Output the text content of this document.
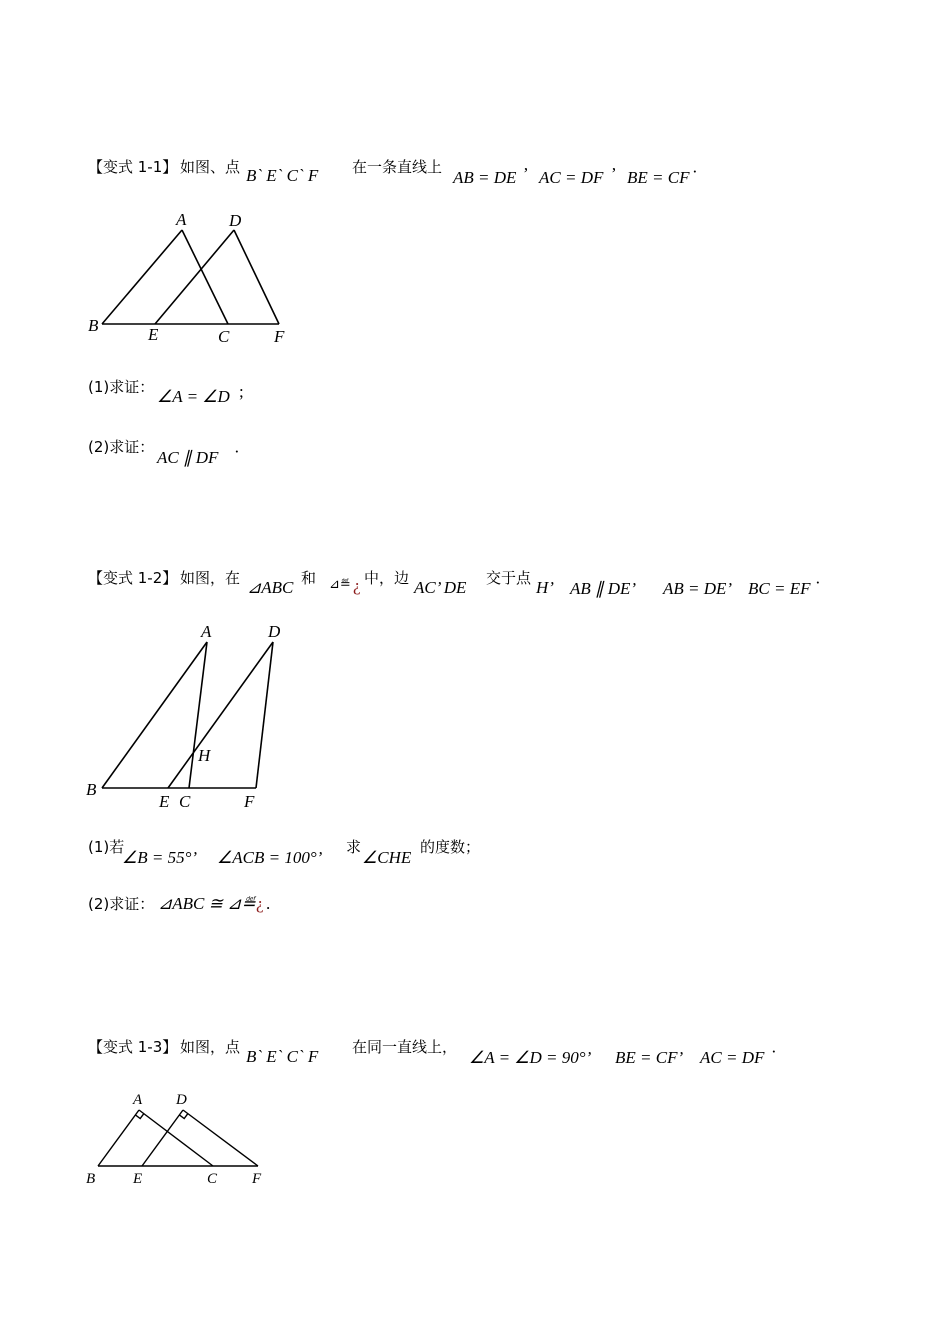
【变式 1-1】 如图、点 B` E` C` F 在一条直线上
AB = DE ’ AC = DF ’ BE = CF ·
A	D
B	E	C	F
(1)求证： ∠A = ∠D ;
(2)求证：
AC ∥ DF ·
【变式 1-2】 如图，在 ⊿ABC 和 ⊿≝ ¿ 中，边 AC’ DE 交于点 H’ AB ∥ DE’ AB = DE’ BC = EF ·
A	D
H
B
E C	F
(1)若
∠B = 55°’ ∠ACB = 100°’
求
∠CHE
的度数；
(2)求证： ⊿ABC ≅ ⊿≝ ¿ .
【变式 1-3】 如图，点 B` E` C` F 在同一直线上，
∠A = ∠D = 90°’ BE = CF’ AC = DF ·
A D
B	E	C F
